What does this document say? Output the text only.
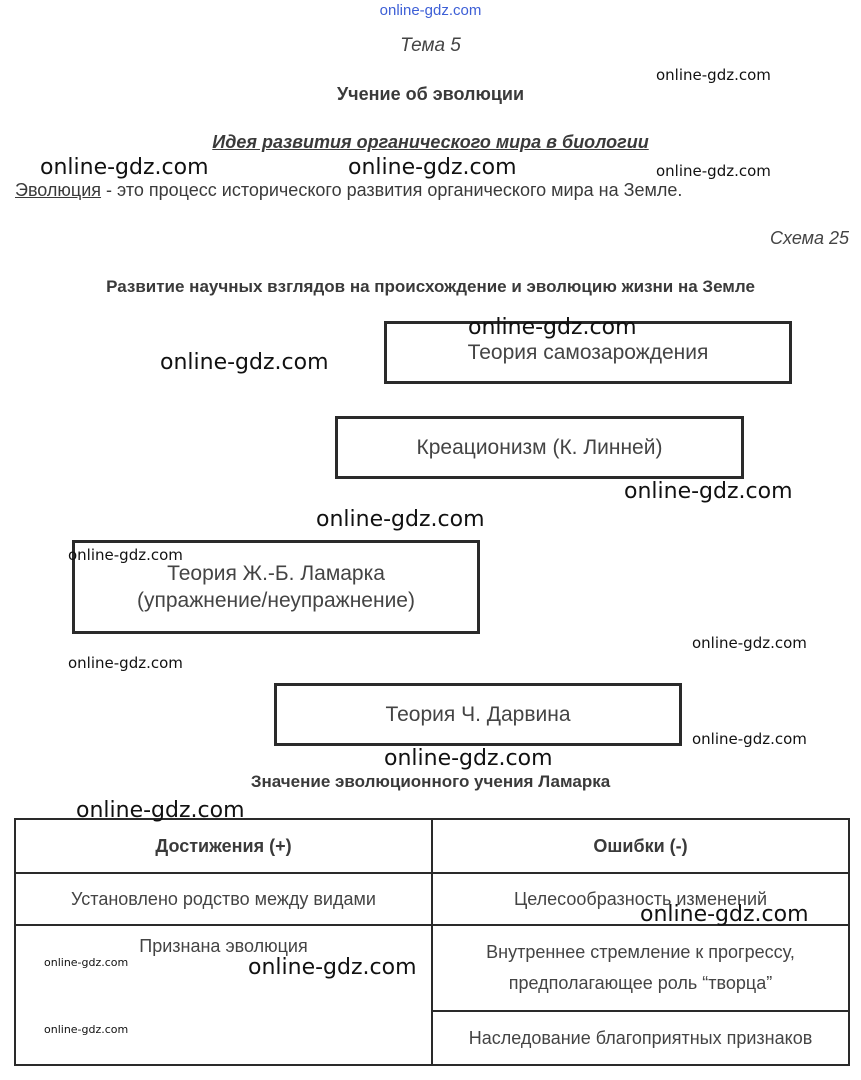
online-gdz.com
Тема 5
Учение об эволюции
Идея развития органического мира в биологии
Эволюция - это процесс исторического развития органического мира на Земле.
Схема 25
Развитие научных взглядов на происхождение и эволюцию жизни на Земле
Теория самозарождения
Креационизм (К. Линней)
Теория Ж.-Б. Ламарка
(упражнение/неупражнение)
Теория Ч. Дарвина
Значение эволюционного учения Ламарка
Достижения (+)	Ошибки (-)
Установлено родство между видами	Целесообразность изменений
Признана эволюция	Внутреннее стремление к прогрессу, предполагающее роль “творца”
	Наследование благоприятных признаков
online-gdz.com
online-gdz.com	online-gdz.com	online-gdz.com
online-gdz.com
online-gdz.com
online-gdz.com
online-gdz.com
online-gdz.com
online-gdz.com
online-gdz.com
online-gdz.com
online-gdz.com
online-gdz.com
online-gdz.com
online-gdz.com	online-gdz.com
online-gdz.com
